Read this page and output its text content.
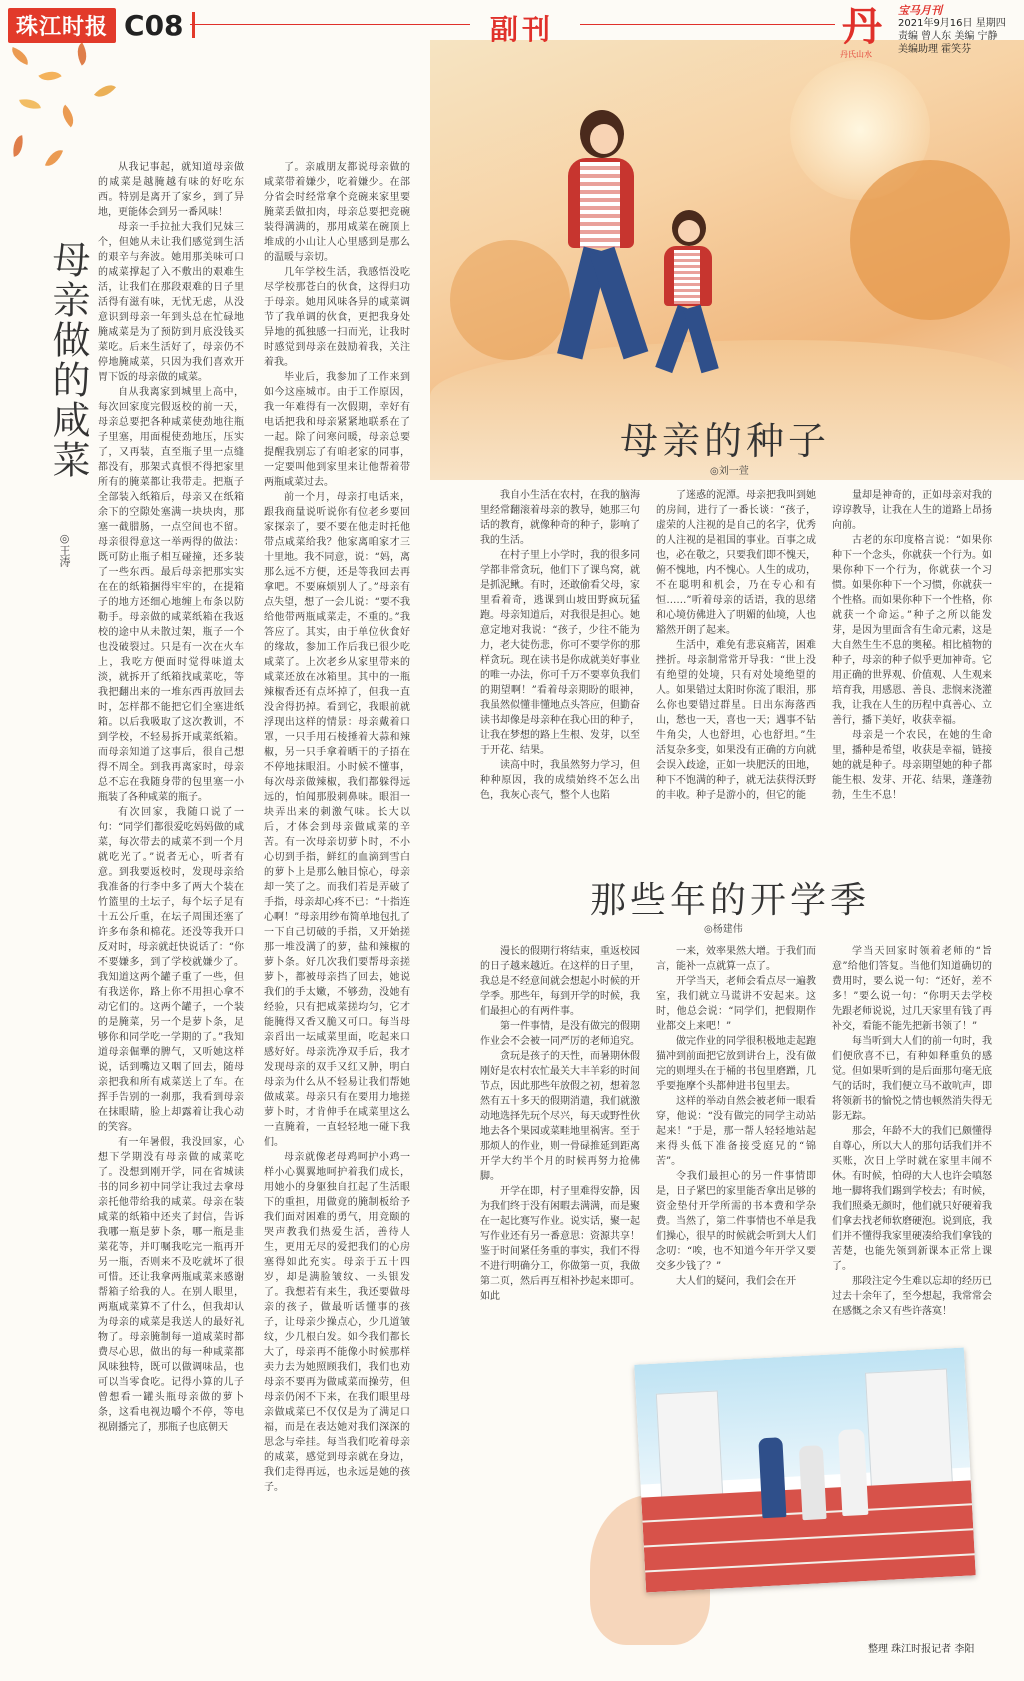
珠江时报 C08	副刊	丹
丹氏山水
宝马月刊
2021年9月16日 星期四
责编 曾人东 美编 宁静
美编助理 霍笑芬
母亲做的咸菜
◎王涛

从我记事起，就知道母亲做的咸菜是越腌越有味的好吃东西。特别是离开了家乡，到了异地，更能体会到另一番风味！

母亲一手拉扯大我们兄妹三个，但她从未让我们感觉到生活的艰辛与奔波。她用那美味可口的咸菜撑起了入不敷出的艰难生活，让我们在那段艰难的日子里活得有滋有味，无忧无虑，从没意识到母亲一年到头总在忙碌地腌咸菜是为了预防到月底没钱买菜吃。后来生活好了，母亲仍不停地腌咸菜，只因为我们喜欢开胃下饭的母亲做的咸菜。

自从我离家到城里上高中，每次回家度完假返校的前一天，母亲总要把各种咸菜使劲地往瓶子里塞，用面棍使劲地压，压实了，又再装，直至瓶子里一点缝都没有，那架式真恨不得把家里所有的腌菜都让我带走。把瓶子全部装入纸箱后，母亲又在纸箱余下的空隙处塞满一块块肉，那塞一截腊肠，一点空间也不留。母亲很得意这一举两得的做法：既可防止瓶子相互碰撞，还多装了一些东西。最后母亲把那实实在在的纸箱捆得牢牢的，在提箱子的地方还细心地缠上布条以防勒手。母亲做的咸菜纸箱在我返校的途中从未散过架，瓶子一个也没破裂过。只是有一次在火车上，我吃方便面时觉得味道太淡，就拆开了纸箱找咸菜吃，等我把翻出来的一堆东西再放回去时，怎样都不能把它们全塞进纸箱。以后我吸取了这次教训，不到学校，不轻易拆开咸菜纸箱。而母亲知道了这事后，很自己想得不周全。到我再离家时，母亲总不忘在我随身带的包里塞一小瓶装了各种咸菜的瓶子。

有次回家，我随口说了一句：“同学们都很爱吃妈妈做的咸菜，每次带去的咸菜不到一个月就吃光了。”说者无心，听者有意。到我要返校时，发现母亲给我准备的行李中多了两大个装在竹篮里的土坛子，每个坛子足有十五公斤重，在坛子周围还塞了许多布条和棉花。还没等我开口反对时，母亲就赶快说话了：“你不要嫌多，到了学校就嫌少了。我知道这两个罐子重了一些，但有我送你，路上你不用担心拿不动它们的。这两个罐子，一个装的是腌菜，另一个是萝卜条，足够你和同学吃一学期的了。”我知道母亲倔犟的脾气，又听她这样说，话到嘴边又咽了回去，随母亲把我和所有咸菜送上了车。在挥手告别的一刹那，我看到母亲在抹眼睛，脸上却露着让我心动的笑容。

有一年暑假，我没回家，心想下学期没有母亲做的咸菜吃了。没想到刚开学，同在省城读书的同乡初中同学让我过去拿母亲托他带给我的咸菜。母亲在装咸菜的纸箱中还夹了封信，告诉我哪一瓶是萝卜条，哪一瓶是韭菜花等，并叮嘱我吃完一瓶再开另一瓶，否则来不及吃就坏了很可惜。还让我拿两瓶咸菜来感谢帮箱子给我的人。在别人眼里，两瓶咸菜算不了什么，但我却认为母亲的咸菜是我送人的最好礼物了。母亲腌制每一道咸菜时都费尽心思，做出的每一种咸菜都风味独特，既可以做调味品，也可以当零食吃。记得小算的儿子曾想看一罐头瓶母亲做的萝卜条，这看电视边嚼个不停，等电视剧播完了，那瓶子也底朝天

了。亲戚朋友都说母亲做的咸菜带着嫌少，吃着嫌少。在部分省会时经常拿个竞碗来家里要腌菜丢做扣肉，母亲总要把竞碗装得满满的，那用咸菜在碗顶上堆成的小山让人心里感到是那么的温暖与亲切。

几年学校生活，我感悟没吃尽学校那苍白的伙食，这得归功于母亲。她用风味各异的咸菜调节了我单调的伙食，更把我身处异地的孤独感一扫而光，让我时时感觉到母亲在鼓励着我，关注着我。

毕业后，我参加了工作来到如今这座城市。由于工作原因，我一年难得有一次假期，幸好有电话把我和母亲紧紧地联系在了一起。除了问寒问暖，母亲总要提醒我别忘了有咱老家的同事，一定要叫他到家里来让他帮着带两瓶咸菜过去。

前一个月，母亲打电话来，跟我商量说听说你有位老乡要回家探亲了，要不要在他走时托他带点咸菜给我？他家离咱家才三十里地。我不同意，说：“妈，离那么远不方便，还是等我回去再拿吧。不要麻烦别人了。”母亲有点失望，想了一会儿说：“要不我给他带两瓶咸菜走，不重的。”我答应了。其实，由于单位伙食好的缘故，参加工作后我已很少吃咸菜了。上次老乡从家里带来的咸菜还放在冰箱里。其中的一瓶辣椒香还有点坏掉了，但我一直没舍得扔掉。看到它，我眼前就浮现出这样的情景：母亲戴着口罩，一只手用石棱捶着大蒜和辣椒，另一只手拿着晒干的子捂在不停地抹眼泪。小时候不懂事，每次母亲做辣椒，我们都躲得远远的，怕闻那股刺鼻味。眼泪一块弄出来的刺激气味。长大以后，才体会到母亲做咸菜的辛苦。有一次母亲切萝卜时，不小心切到手指，鲜红的血滴到雪白的萝卜上是那么触目惊心，母亲却一笑了之。而我们若是弄破了手指，母亲却心疼不已：“十指连心啊！”母亲用纱布简单地包扎了一下自己切破的手指，又开始搓那一堆没满了的萝，盐和辣椒的萝卜条。好几次我们要帮母亲搓萝卜，都被母亲挡了回去，她说我们的手太嫩，不够劲，没她有经验，只有把咸菜搓均匀，它才能腌得又香又脆又可口。每当母亲舀出一坛咸菜里面，吃起来口感好好。母亲洗净双手后，我才发现母亲的双手又红又肿，明白母亲为什么从不轻易让我们帮她做咸菜。母亲只有在要用力地搓萝卜时，才肯伸手在咸菜里这么一直腌着，一直轻轻地一碰下我们。

母亲就像老母鸡呵护小鸡一样小心翼翼地呵护着我们成长，用她小的身躯独自扛起了生活眼下的重担，用做竟的腌制板给予我们面对困难的勇气，用竞颐的哭声教我们热爱生活，善待人生，更用无尽的爱把我们的心房塞得如此充实。母亲于五十四岁，却是满脸皱纹、一头银发了。我想若有来生，我还要做母亲的孩子，做最听话懂事的孩子，让母亲少操点心，少几道皱纹，少几根白发。如今我们都长大了，母亲再不能像小时候那样卖力去为她照顾我们，我们也劝母亲不要再为做咸菜而操劳，但母亲仍闲不下来，在我们眼里母亲做咸菜已不仅仅是为了满足口福，而是在表达她对我们深深的思念与牵挂。每当我们吃着母亲的咸菜，感觉到母亲就在身边，我们走得再远，也永远是她的孩子。

母亲的种子
◎刘一萱

我自小生活在农村，在我的脑海里经常翻滚着母亲的教导，她那三句话的教育，就像种奇的种子，影响了我的生活。

在村子里上小学时，我的很多同学都非常贪玩，他们下了课鸟窝，就是抓泥鳅。有时，还敢偷看父母，家里看着奇，逃课到山坡田野疯玩猛跑。母亲知道后，对我很是担心。她意定地对我说：“孩子，少往不能为力，老大徒伤悲，你可不要学你的那样贪玩。现在读书是你成就美好事业的唯一办法，你可千万不要辜负我们的期望啊！”看着母亲期盼的眼神，我虽然似懂非懂地点头答应，但勤奋读书却像是母亲种在我心田的种子，让我在梦想的路上生根、发芽，以至于开花、结果。

读高中时，我虽然努力学习，但种种原因，我的成绩始终不怎么出色，我灰心丧气，整个人也陷

了迷惑的泥潭。母亲把我叫到她的房间，进行了一番长谈：“孩子，虚荣的人注视的是自己的名字，优秀的人注视的是祖国的事业。百事之成也，必在敬之，只要我们即不愧天，俯不愧地，内不愧心。人生的成功，不在聪明和机会，乃在专心和有恒……”听着母亲的话语，我的思绪和心境仿佛进入了明媚的仙境，人也豁然开朗了起来。

生活中，难免有悲哀痛苦，困难挫折。母亲制常常开导我：“世上没有绝望的处境，只有对处境绝望的人。如果错过太阳时你流了眼泪，那么你也要错过群星。日出东海落西山，愁也一天，喜也一天；遇事不钻牛角尖，人也舒坦，心也舒坦。”生活复杂多变，如果没有正确的方向就会误入歧途，正如一块肥沃的田地，种下不饱满的种子，就无法获得沃野的丰收。种子是游小的，但它的能

量却是神奇的，正如母亲对我的谆谆教导，让我在人生的道路上昂扬向前。

古老的东印度格言说：“如果你种下一个念头，你就获一个行为。如果你种下一个行为，你就获一个习惯。如果你种下一个习惯，你就获一个性格。而如果你种下一个性格，你就获一个命运。”种子之所以能发芽，是因为里面含有生命元素，这是大自然生生不息的奥秘。相比植物的种子，母亲的种子似乎更加神奇。它用正确的世界观、价值观、人生观来培育我，用感恩、善良、悲悯来浇灌我，让我在人生的历程中真善心、立善行，播下美好，收获幸福。

母亲是一个农民，在她的生命里，播种是希望，收获是幸福，链接她的就是种子。母亲期望她的种子都能生根、发芽、开花、结果，蓬蓬勃勃，生生不息！

那些年的开学季
◎杨建伟

漫长的假期行将结束，重返校园的日子越来越近。在这样的日子里，我总是不经意间就会想起小时候的开学季。那些年，每到开学的时候，我们最担心的有两件事。

第一件事情，是没有做完的假期作业会不会被一同严厉的老师追究。

贪玩是孩子的天性，而暑期休假刚好是农村农忙最关大丰羊彩的时间节点，因此那些年放假之初，想着忽然有五十多天的假期消遣，我们就激动地选择先玩个尽兴，每天或野性伙地去各个果园或菜畦地里祸害。至于那烦人的作业，则一骨碌推延到距离开学大约半个月的时候再努力抢佛脚。

开学在即，村子里难得安静，因为我们终于没有闲暇去满满，而是聚在一起比赛写作业。说实话，聚一起写作业还有另一番意思：资源共享！鉴于时间紧任务重的事实，我们不得不进行明确分工，你做第一页，我做第二页，然后再互相补抄起来即可。如此

一来，效率果然大增。于我们而言，能补一点就算一点了。

开学当天，老师会看点尽一遍教室，我们就立马谎讲不安起来。这时，他总会说：“同学们，把假期作业都交上来吧！”

做完作业的同学很积极地走起跑猫冲到前面把它放到讲台上，没有做完的则埋头在于桶的书包里磨蹭，几乎要拖摩个头都伸进书包里去。

这样的举动自然会被老师一眼看穿，他说：“没有做完的同学主动站起来！”于是，那一帮人轻轻地站起来得头低下准备接受庭兄的“锦苦”。

令我们最担心的另一件事情即是，日子紧巴的家里能否拿出足够的资金垫付开学所需的书本费和学杂费。当然了，第二件事情也不单是我们操心，很早的时候就会听到大人们念叨：“唉，也不知道今年开学又要交多少钱了？”

大人们的疑问，我们会在开

学当天回家时领着老师的“旨意”给他们答复。当他们知道确切的费用时，要么说一句：“还好，差不多！”要么说一句：“你明天去学校先跟老师说说，过几天家里有钱了再补交，看能不能先把新书领了！”

每当听到大人们的前一句时，我们便欣喜不已，有种如释重负的感觉。但如果听到的是后面那句毫无底气的话时，我们便立马不敢吭声，即将领新书的愉悦之情也顿然消失得无影无踪。

那会，年龄不大的我们已颇懂得自尊心，所以大人的那句话我们并不买账，次日上学时就在家里丰闹不休。有时候，怕碍的大人也许会嗔怒地一脚将我们踢到学校去；有时候，我们照桑无颜时，他们就只好硬着我们拿去找老师软磨硬泡。说到底，我们并不懂得我家里硬凑给我们拿钱的苦楚，也能先领到新课本正常上课了。

那段注定今生难以忘却的经历已过去十余年了，至今想起，我常常会在感慨之余又有些许落寞！

整理 珠江时报记者 李阳
